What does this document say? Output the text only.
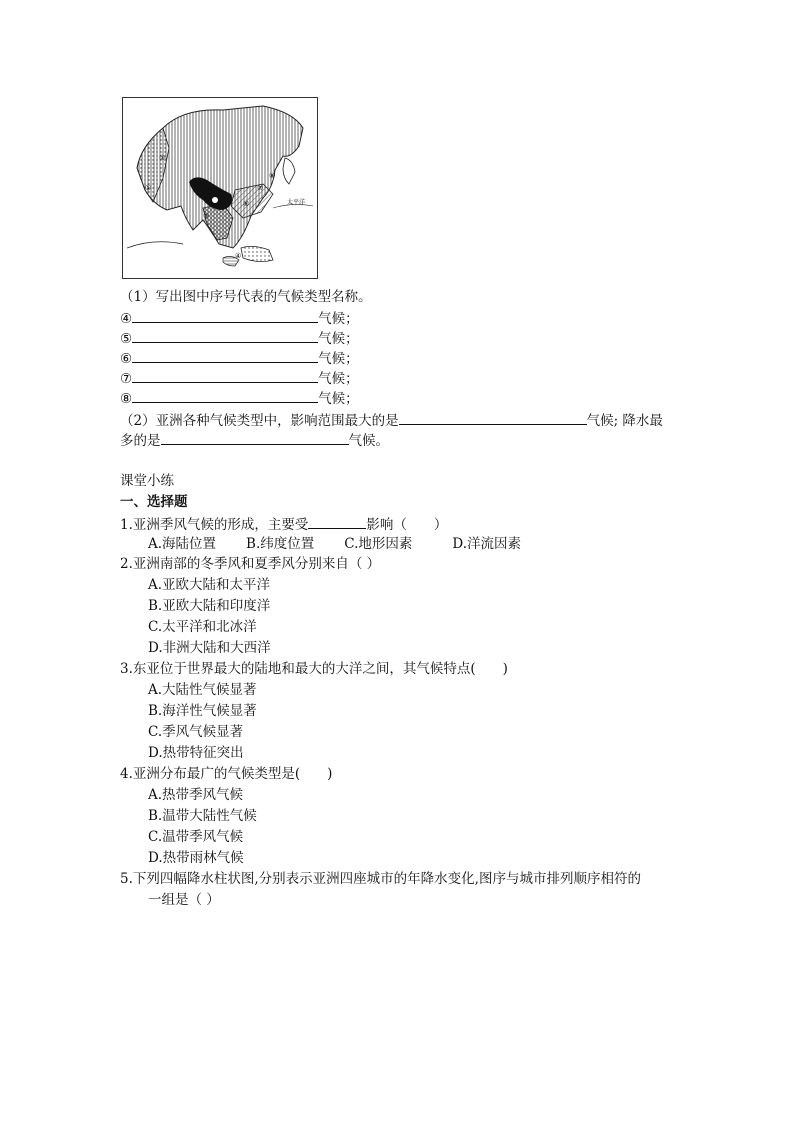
①
③
④
⑤
⑥
⑦
⑧
太平洋
（1）写出图中序号代表的气候类型名称。
④	气候；
⑤	气候；
⑥	气候；
⑦	气候；
⑧	气候；
（2）亚洲各种气候类型中，影响范围最大的是	气候; 降水最
多的是	气候。
课堂小练
一、选择题
1.亚洲季风气候的形成，主要受	影响（　　）
A.海陆位置 B.纬度位置 C.地形因素	D.洋流因素
2.亚洲南部的冬季风和夏季风分别来自（ ）
A.亚欧大陆和太平洋
B.亚欧大陆和印度洋
C.太平洋和北冰洋
D.非洲大陆和大西洋
3.东亚位于世界最大的陆地和最大的大洋之间，其气候特点(　　)
A.大陆性气候显著
B.海洋性气候显著
C.季风气候显著
D.热带特征突出
4.亚洲分布最广的气候类型是(　　)
A.热带季风气候
B.温带大陆性气候
C.温带季风气候
D.热带雨林气候
5.下列四幅降水柱状图,分别表示亚洲四座城市的年降水变化,图序与城市排列顺序相符的
一组是（ ）
